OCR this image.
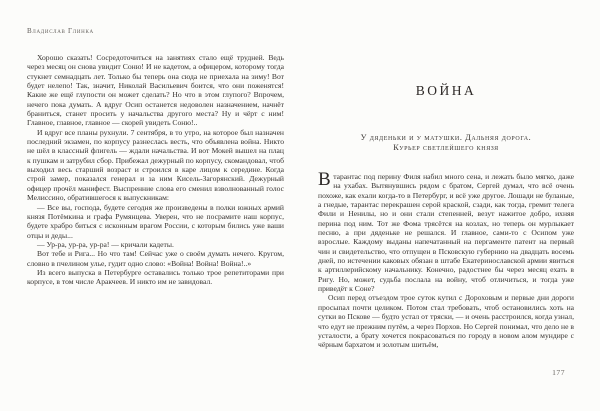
Владислав Глинка

Хорошо сказать! Сосредоточиться на занятиях стало ещё трудней. Ведь через месяц он снова увидит Соню! И не кадетом, а офицером, которому тогда стукнет семнадцать лет. Только бы теперь она сюда не приехала на зиму! Вот будет нелепо! Так, значит, Николай Васильевич боится, что они поженятся! Какие же ещё глупости он может сделать? Но что в этом глупого? Впрочем, нечего пока думать. А вдруг Осип останется недоволен назначением, начнёт браниться, станет просить у начальства другого места? Ну и чёрт с ним! Главное, главное, главное — скорей увидеть Соню!..

И вдруг все планы рухнули. 7 сентября, в то утро, на которое был назначен последний экзамен, по корпусу разнеслась весть, что объявлена война. Никто не шёл в классный флигель — ждали начальства. И вот Мокей вышел на плац к пушкам и затрубил сбор. Прибежал дежурный по корпусу, скомандовал, чтоб выходил весь старший возраст и строился в каре лицом к середине. Когда строй замер, показался генерал и за ним Кисель-Загорянский. Дежурный офицер прочёл манифест. Выспренние слова его сменил взволнованный голос Мелиссино, обратившегося к выпускникам:

— Все вы, господа, будете сегодня же произведены в полки южных армий князя Потёмкина и графа Румянцева. Уверен, что не посрамите наш корпус, будете храбро биться с исконным врагом России, с которым бились уже ваши отцы и деды...

— Ур-ра, ур-ра, ур-ра! — кричали кадеты.

Вот тебе и Рига... Но что там! Сейчас уже о своём думать нечего. Кругом, словно в пчелином улье, гудит одно слово: «Война! Война! Война!..»

Из всего выпуска в Петербурге оставались только трое репетиторами при корпусе, в том числе Аракчеев. И никто им не завидовал.

ВОЙНА
У дяденьки и у матушки. Дальняя дорога.
Курьер светлейшего князя

Втарантас под перину Филя набил много сена, и лежать было мягко, даже на ухабах. Вытянувшись рядом с братом, Сергей думал, что всё очень похоже, как ехали когда-то в Петербург, и всё уже другое. Лошади не буланые, а гнедые, тарантас перекрашен серой краской, сзади, как тогда, гремит телега Фили и Ненилы, но и они стали степенней, везут нажитое добро, ихняя перина под ним. Тот же Фома трясётся на козлах, но теперь он мурлыкает песню, а при дяденьке не решался. И главное, сами-то с Осипом уже взрослые. Каждому выданы напечатанный на пергаменте патент на первый чин и свидетельство, что отпущен в Псковскую губернию на двадцать восемь дней, по истечении каковых обязан в штабе Екатеринославской армии явиться к артиллерийскому начальнику. Конечно, радостнее бы через месяц ехать в Ригу. Но, может, судьба послала на войну, чтоб отличиться, и тогда уже приведёт к Соне?

Осип перед отъездом трое суток кутил с Дороховым и первые дни дороги просыпал почти целиком. Потом стал требовать, чтоб остановились хоть на сутки во Пскове — будто устал от тряски, — и очень расстроился, когда узнал, что едут не прежним путём, а через Порхов. Но Сергей понимал, что дело не в усталости, а брату хочется покрасоваться по городу в новом алом мундире с чёрным бархатом и золотым шитьём,

177
